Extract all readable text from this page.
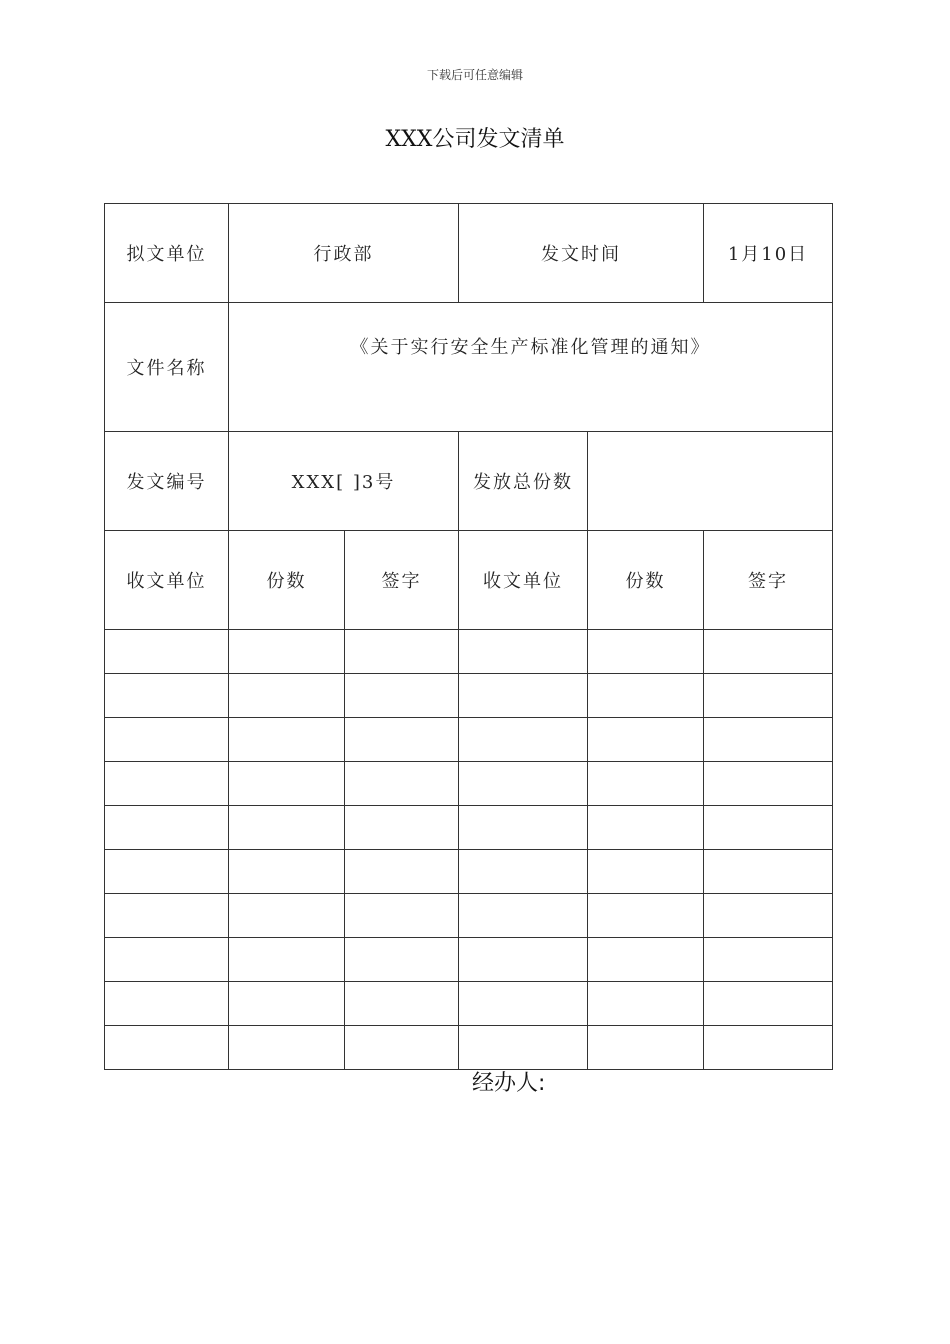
下载后可任意编辑
XXX公司发文清单
拟文单位	行政部		发文时间		1月10日
文件名称	《关于实行安全生产标准化管理的通知》				
发文编号	XXX[ ]3号		发放总份数		
收文单位	份数	签字	收文单位	份数	签字

经办人:
